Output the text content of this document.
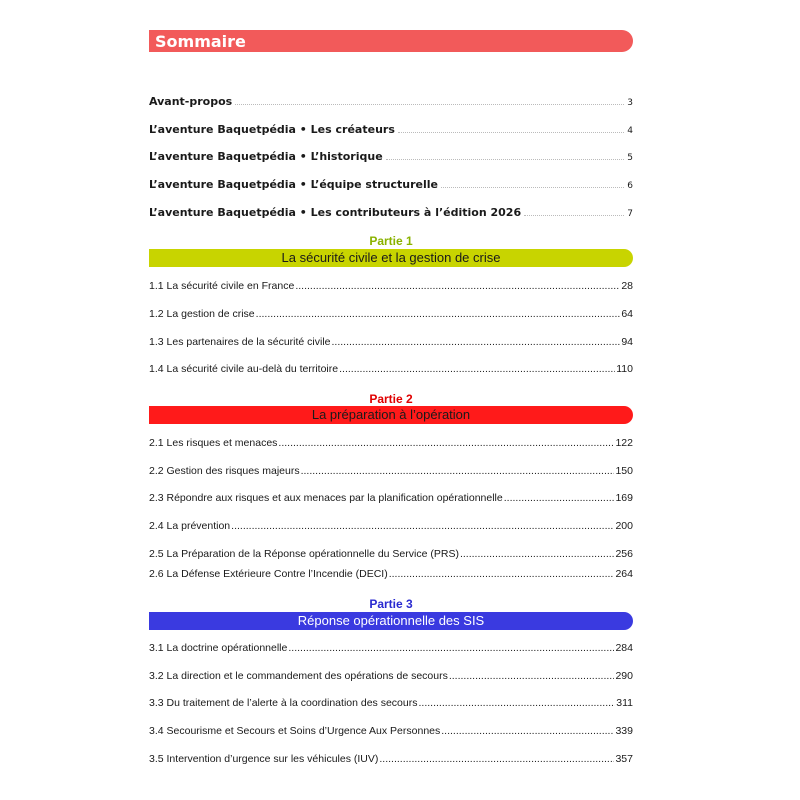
Sommaire
Avant-propos	3
L’aventure Baquetpédia • Les créateurs	4
L’aventure Baquetpédia • L’historique	5
L’aventure Baquetpédia • L’équipe structurelle	6
L’aventure Baquetpédia • Les contributeurs à l’édition 2026	7
Partie 1
La sécurité civile et la gestion de crise
1.1 La sécurité civile en France .....	28
1.2 La gestion de crise .....	64
1.3 Les partenaires de la sécurité civile .....	94
1.4 La sécurité civile au-delà du territoire .....	110
Partie 2
La préparation à l’opération
2.1 Les risques et menaces .....	122
2.2 Gestion des risques majeurs .....	150
2.3 Répondre aux risques et aux menaces par la planification opérationnelle .....	169
2.4 La prévention .....	200
2.5 La Préparation de la Réponse opérationnelle du Service (PRS) .....	256
2.6 La Défense Extérieure Contre l’Incendie (DECI) .....	264
Partie 3
Réponse opérationnelle des SIS
3.1 La doctrine opérationnelle .....	284
3.2 La direction et le commandement des opérations de secours .....	290
3.3 Du traitement de l’alerte à la coordination des secours .....	311
3.4 Secourisme et Secours et Soins d’Urgence Aux Personnes .....	339
3.5 Intervention d’urgence sur les véhicules (IUV) .....	357
